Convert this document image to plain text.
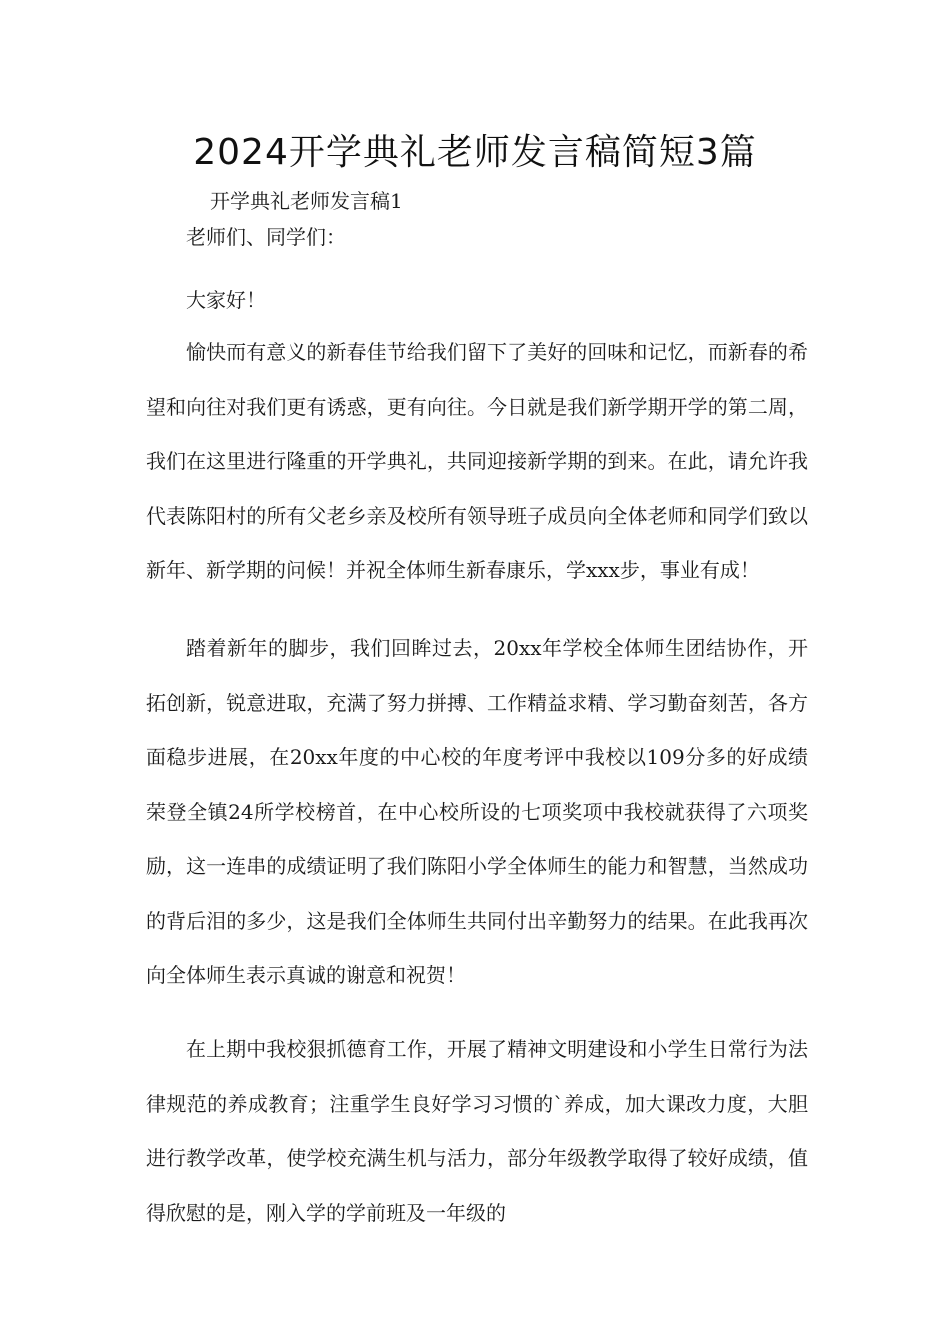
2024开学典礼老师发言稿简短3篇

开学典礼老师发言稿1

老师们、同学们：

大家好！

愉快而有意义的新春佳节给我们留下了美好的回味和记忆，而新春的希望和向往对我们更有诱惑，更有向往。今日就是我们新学期开学的第二周，我们在这里进行隆重的开学典礼，共同迎接新学期的到来。在此，请允许我代表陈阳村的所有父老乡亲及校所有领导班子成员向全体老师和同学们致以新年、新学期的问候！并祝全体师生新春康乐，学xxx步，事业有成！

踏着新年的脚步，我们回眸过去，20xx年学校全体师生团结协作，开拓创新，锐意进取，充满了努力拼搏、工作精益求精、学习勤奋刻苦，各方面稳步进展，在20xx年度的中心校的年度考评中我校以109分多的好成绩荣登全镇24所学校榜首，在中心校所设的七项奖项中我校就获得了六项奖励，这一连串的成绩证明了我们陈阳小学全体师生的能力和智慧，当然成功的背后泪的多少，这是我们全体师生共同付出辛勤努力的结果。在此我再次向全体师生表示真诚的谢意和祝贺！

在上期中我校狠抓德育工作，开展了精神文明建设和小学生日常行为法律规范的养成教育；注重学生良好学习习惯的`养成，加大课改力度，大胆进行教学改革，使学校充满生机与活力，部分年级教学取得了较好成绩，值得欣慰的是，刚入学的学前班及一年级的
